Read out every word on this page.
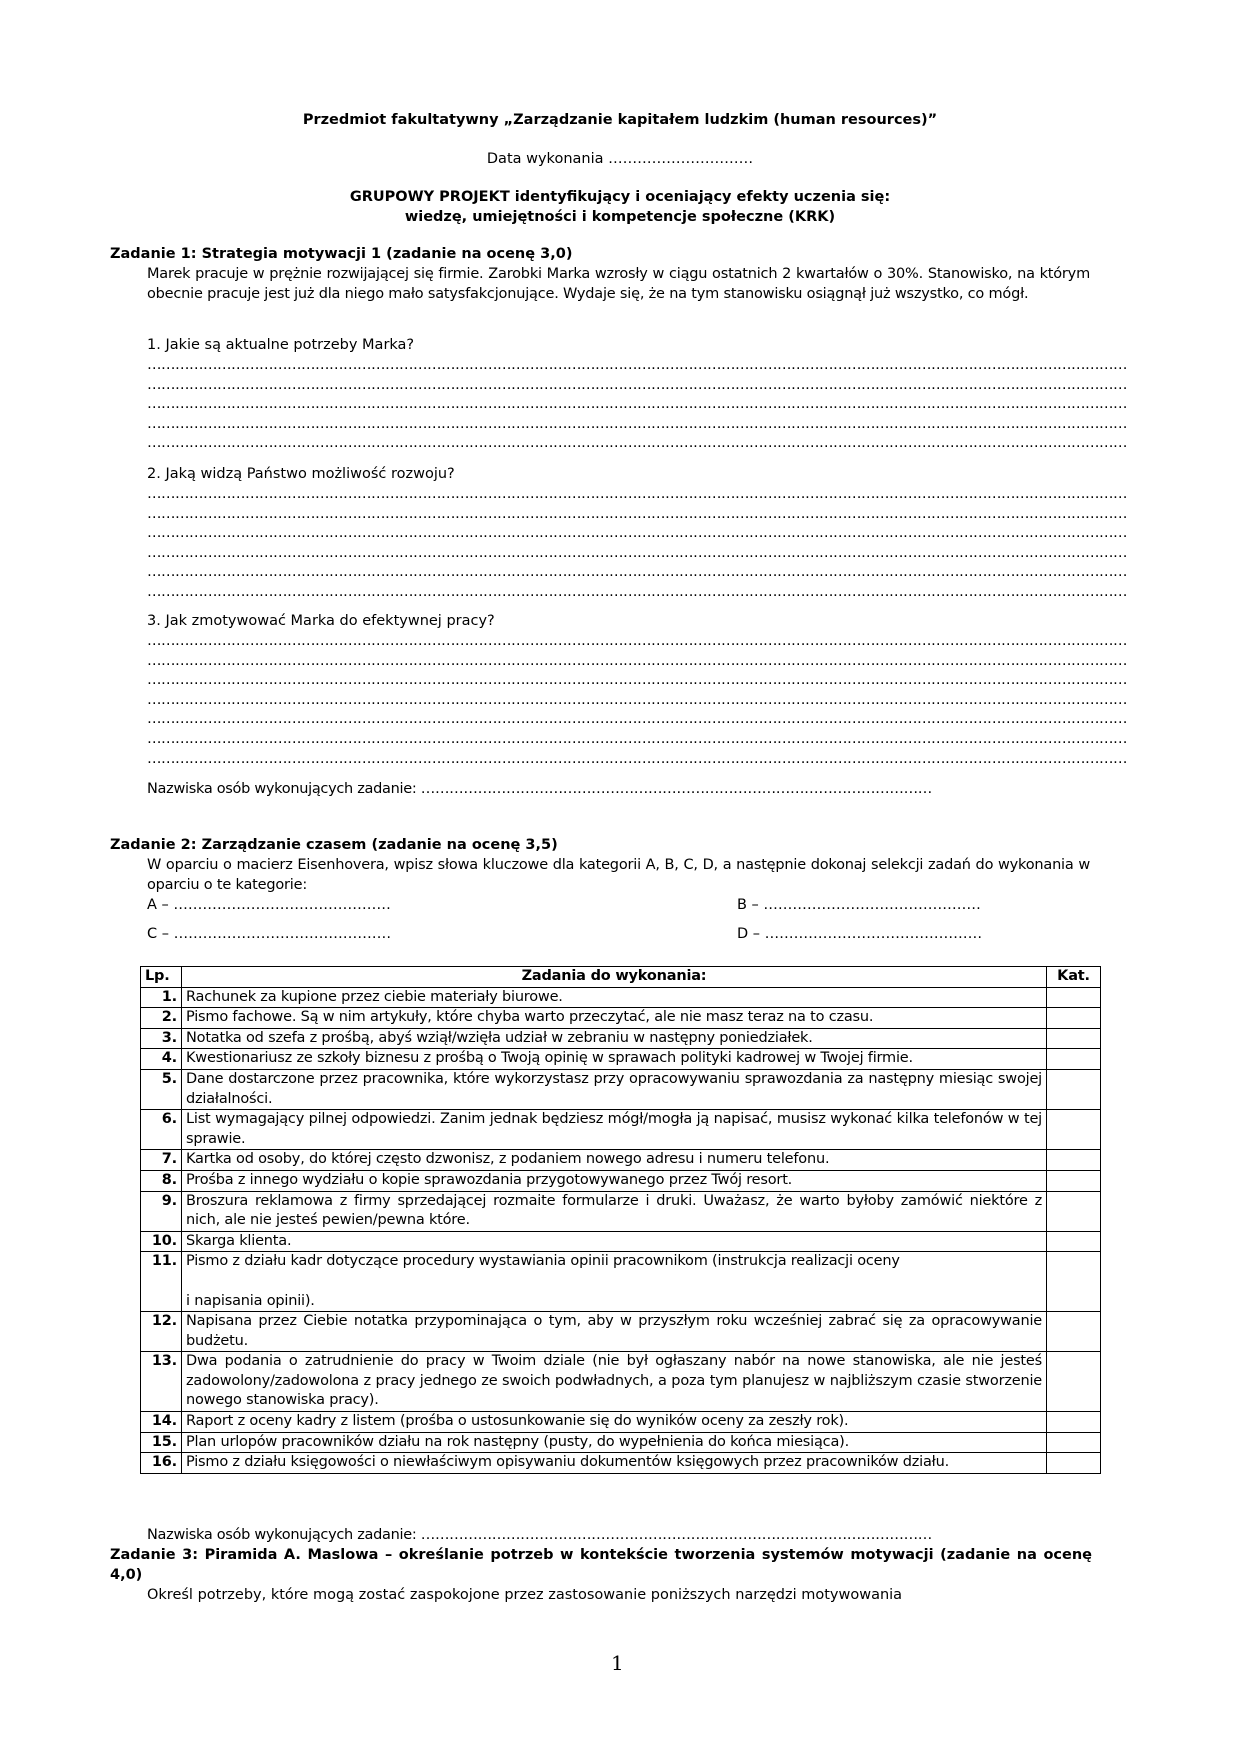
Przedmiot fakultatywny „Zarządzanie kapitałem ludzkim (human resources)”
Data wykonania …………………………
GRUPOWY PROJEKT identyfikujący i oceniający efekty uczenia się:
wiedzę, umiejętności i kompetencje społeczne (KRK)
Zadanie 1: Strategia motywacji 1 (zadanie na ocenę 3,0)
Marek pracuje w prężnie rozwijającej się firmie. Zarobki Marka wzrosły w ciągu ostatnich 2 kwartałów o 30%. Stanowisko, na którym obecnie pracuje jest już dla niego mało satysfakcjonujące. Wydaje się, że na tym stanowisku osiągnął już wszystko, co mógł.
1. Jakie są aktualne potrzeby Marka?
…………………………………………………………………………………………………………………………………………………………………………………………
…………………………………………………………………………………………………………………………………………………………………………………………
…………………………………………………………………………………………………………………………………………………………………………………………
…………………………………………………………………………………………………………………………………………………………………………………………
…………………………………………………………………………………………………………………………………………………………………………………………
2. Jaką widzą Państwo możliwość rozwoju?
…………………………………………………………………………………………………………………………………………………………………………………………
…………………………………………………………………………………………………………………………………………………………………………………………
…………………………………………………………………………………………………………………………………………………………………………………………
…………………………………………………………………………………………………………………………………………………………………………………………
…………………………………………………………………………………………………………………………………………………………………………………………
…………………………………………………………………………………………………………………………………………………………………………………………
3. Jak zmotywować Marka do efektywnej pracy?
…………………………………………………………………………………………………………………………………………………………………………………………
…………………………………………………………………………………………………………………………………………………………………………………………
…………………………………………………………………………………………………………………………………………………………………………………………
…………………………………………………………………………………………………………………………………………………………………………………………
…………………………………………………………………………………………………………………………………………………………………………………………
…………………………………………………………………………………………………………………………………………………………………………………………
…………………………………………………………………………………………………………………………………………………………………………………………
Nazwiska osób wykonujących zadanie: ………………………………………………………………………………………………
Zadanie 2: Zarządzanie czasem (zadanie na ocenę 3,5)
W oparciu o macierz Eisenhovera, wpisz słowa kluczowe dla kategorii A, B, C, D, a następnie dokonaj selekcji zadań do wykonania w oparciu o te kategorie:
A – ………………………………………	B – ………………………………………
C – ………………………………………	D – ………………………………………
Lp.	Zadania do wykonania:	Kat.
1.	Rachunek za kupione przez ciebie materiały biurowe.	
2.	Pismo fachowe. Są w nim artykuły, które chyba warto przeczytać, ale nie masz teraz na to czasu.	
3.	Notatka od szefa z prośbą, abyś wziął/wzięła udział w zebraniu w następny poniedziałek.	
4.	Kwestionariusz ze szkoły biznesu z prośbą o Twoją opinię w sprawach polityki kadrowej w Twojej firmie.	
5.	Dane dostarczone przez pracownika, które wykorzystasz przy opracowywaniu sprawozdania za następny miesiąc swojej działalności.	
6.	List wymagający pilnej odpowiedzi. Zanim jednak będziesz mógł/mogła ją napisać, musisz wykonać kilka telefonów w tej sprawie.	
7.	Kartka od osoby, do której często dzwonisz, z podaniem nowego adresu i numeru telefonu.	
8.	Prośba z innego wydziału o kopie sprawozdania przygotowywanego przez Twój resort.	
9.	Broszura reklamowa z firmy sprzedającej rozmaite formularze i druki. Uważasz, że warto byłoby zamówić niektóre z nich, ale nie jesteś pewien/pewna które.	
10.	Skarga klienta.	
11.	Pismo z działu kadr dotyczące procedury wystawiania opinii pracownikom (instrukcja realizacji oceny
i napisania opinii).	

12.	Napisana przez Ciebie notatka przypominająca o tym, aby w przyszłym roku wcześniej zabrać się za opracowywanie budżetu.	
13.	Dwa podania o zatrudnienie do pracy w Twoim dziale (nie był ogłaszany nabór na nowe stanowiska, ale nie jesteś zadowolony/zadowolona z pracy jednego ze swoich podwładnych, a poza tym planujesz w najbliższym czasie stworzenie nowego stanowiska pracy).	
14.	Raport z oceny kadry z listem (prośba o ustosunkowanie się do wyników oceny za zeszły rok).	
15.	Plan urlopów pracowników działu na rok następny (pusty, do wypełnienia do końca miesiąca).	
16.	Pismo z działu księgowości o niewłaściwym opisywaniu dokumentów księgowych przez pracowników działu.	
Nazwiska osób wykonujących zadanie: ………………………………………………………………………………………………
Zadanie 3: Piramida A. Maslowa – określanie potrzeb w kontekście tworzenia systemów motywacji (zadanie na ocenę 4,0)
Określ potrzeby, które mogą zostać zaspokojone przez zastosowanie poniższych narzędzi motywowania
1
